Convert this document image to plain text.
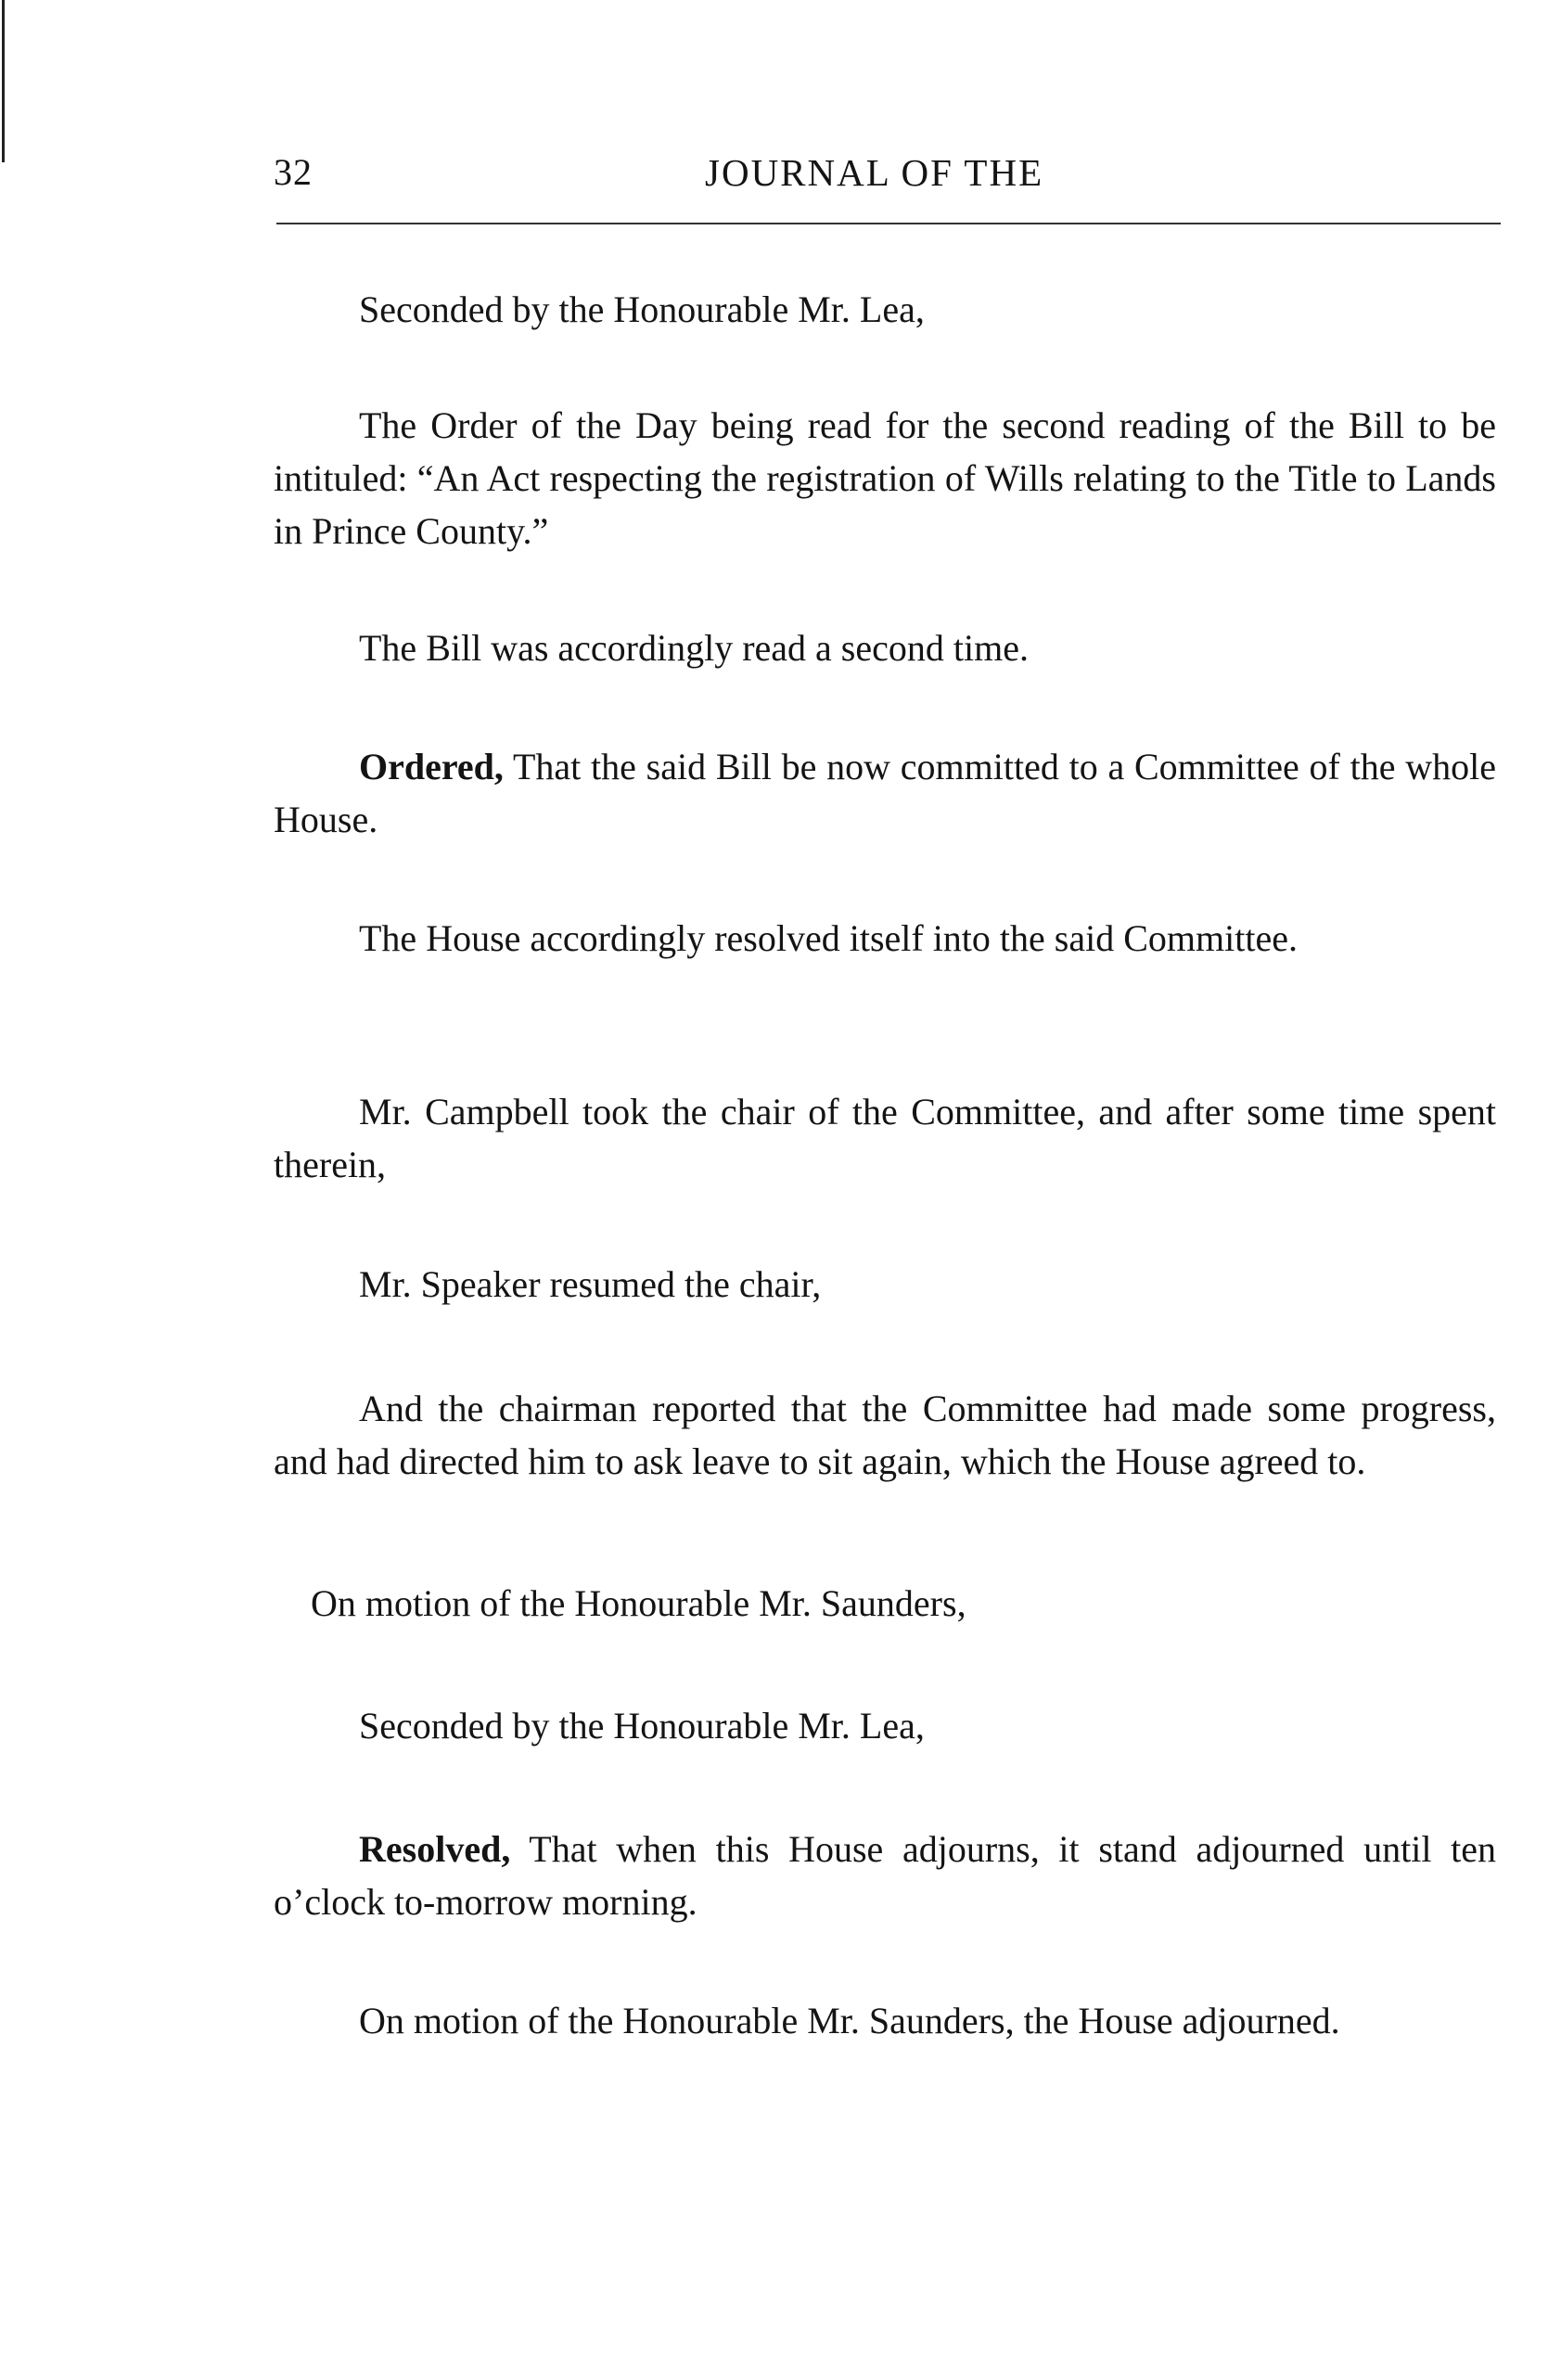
32	JOURNAL OF THE

Seconded by the Honourable Mr. Lea,

The Order of the Day being read for the second reading of the Bill to be intituled: “An Act respecting the registration of Wills relating to the Title to Lands in Prince County.”

The Bill was accordingly read a second time.

Ordered, That the said Bill be now committed to a Committee of the whole House.

The House accordingly resolved itself into the said Committee.

Mr. Campbell took the chair of the Committee, and after some time spent therein,

Mr. Speaker resumed the chair,

And the chairman reported that the Committee had made some progress, and had directed him to ask leave to sit again, which the House agreed to.

On motion of the Honourable Mr. Saunders,

Seconded by the Honourable Mr. Lea,

Resolved, That when this House adjourns, it stand adjourned until ten o’clock to-morrow morning.

On motion of the Honourable Mr. Saunders, the House adjourned.
